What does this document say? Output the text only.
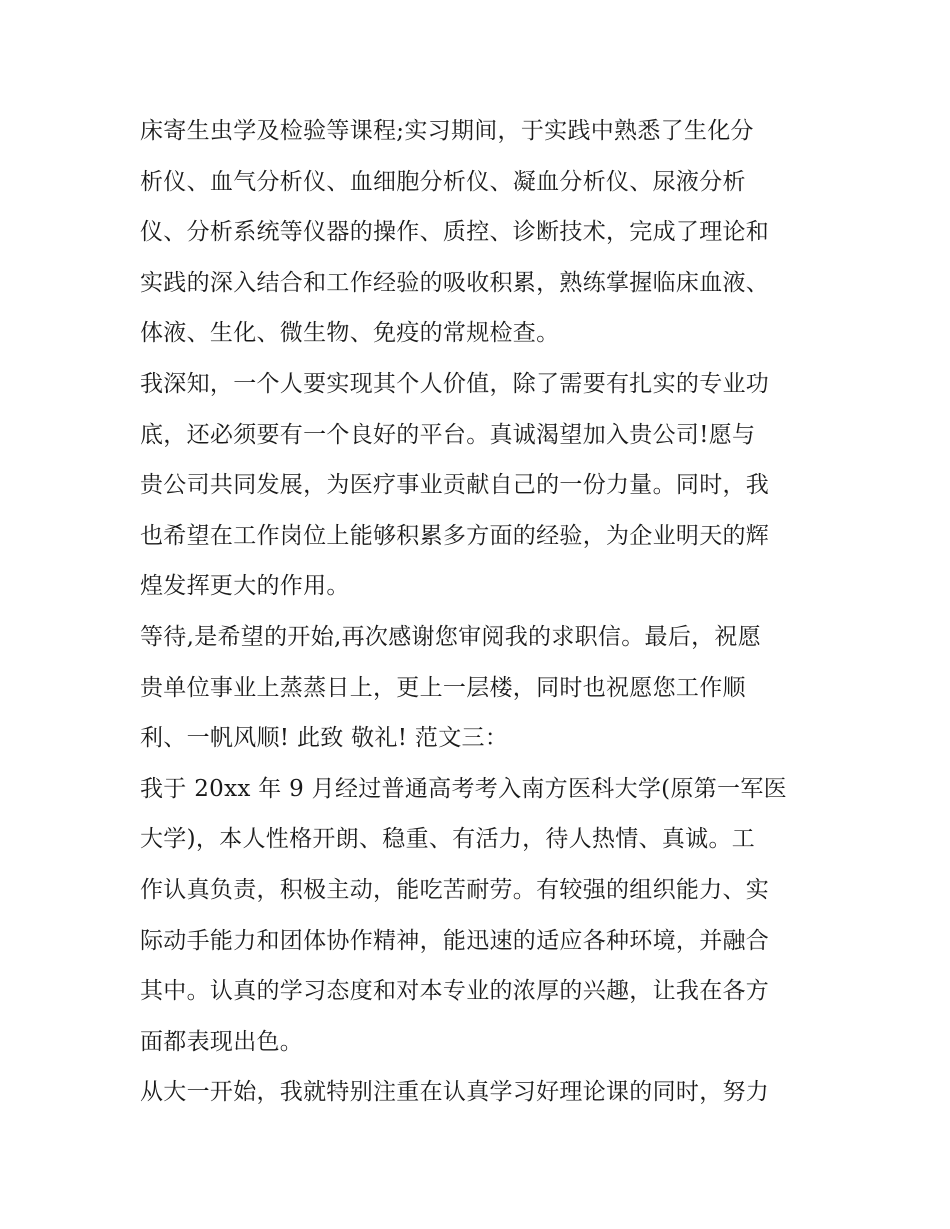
床寄生虫学及检验等课程;实习期间，于实践中熟悉了生化分
析仪、血气分析仪、血细胞分析仪、凝血分析仪、尿液分析
仪、分析系统等仪器的操作、质控、诊断技术，完成了理论和
实践的深入结合和工作经验的吸收积累，熟练掌握临床血液、
体液、生化、微生物、免疫的常规检查。
我深知，一个人要实现其个人价值，除了需要有扎实的专业功
底，还必须要有一个良好的平台。真诚渴望加入贵公司!愿与
贵公司共同发展，为医疗事业贡献自己的一份力量。同时，我
也希望在工作岗位上能够积累多方面的经验，为企业明天的辉
煌发挥更大的作用。
等待,是希望的开始,再次感谢您审阅我的求职信。最后，祝愿
贵单位事业上蒸蒸日上，更上一层楼，同时也祝愿您工作顺
利、一帆风顺! 此致 敬礼! 范文三：
我于 20xx 年 9 月经过普通高考考入南方医科大学(原第一军医
大学)，本人性格开朗、稳重、有活力，待人热情、真诚。工
作认真负责，积极主动，能吃苦耐劳。有较强的组织能力、实
际动手能力和团体协作精神，能迅速的适应各种环境，并融合
其中。认真的学习态度和对本专业的浓厚的兴趣，让我在各方
面都表现出色。
从大一开始，我就特别注重在认真学习好理论课的同时，努力
